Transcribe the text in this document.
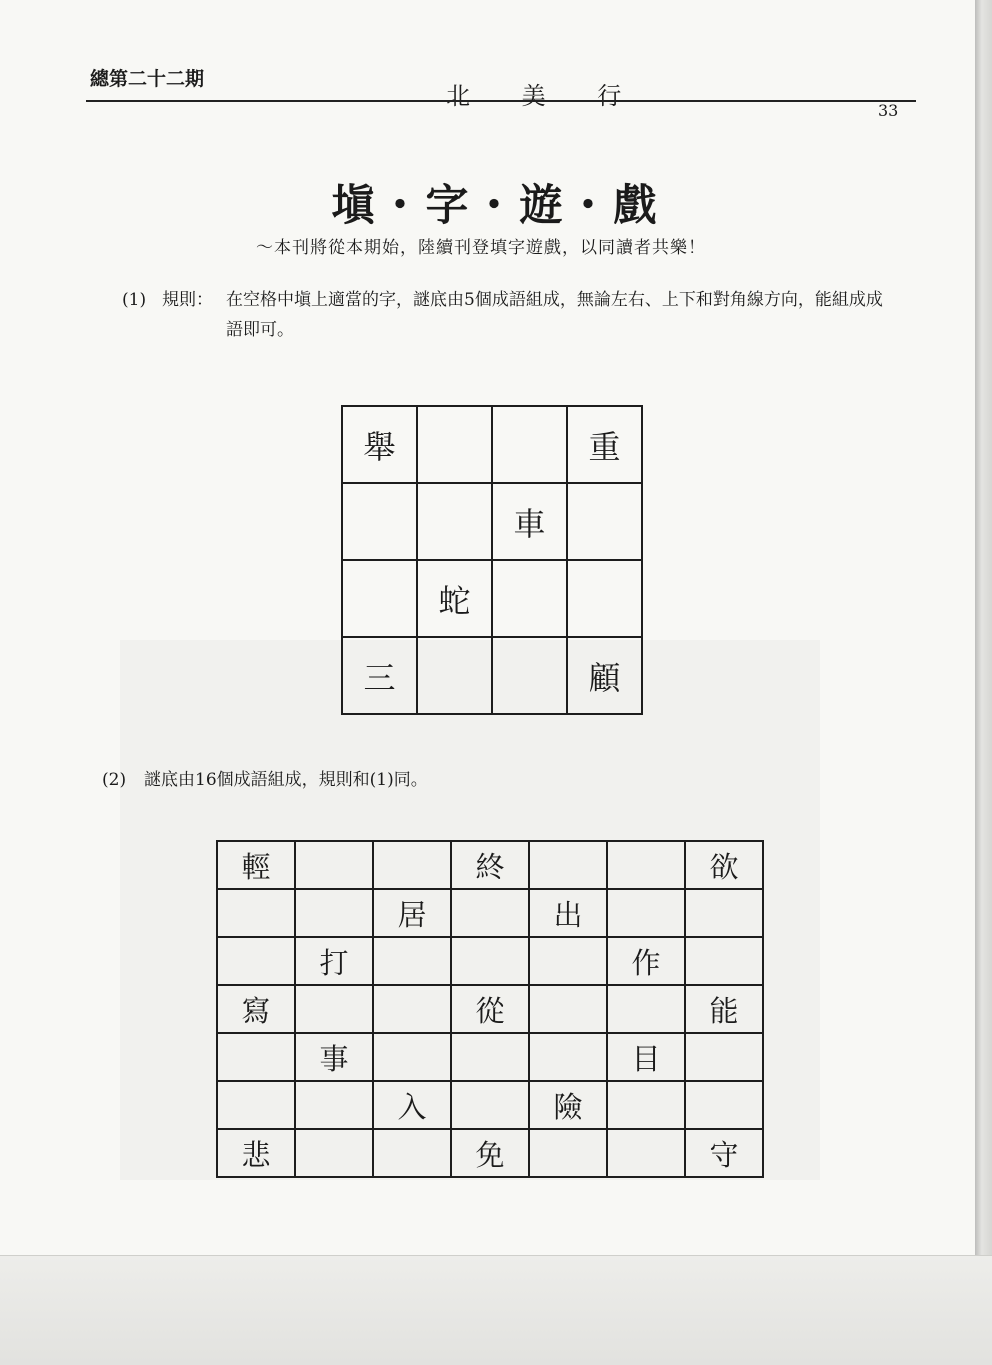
總第二十二期
北 美 行
33
塡・字・遊・戲
～本刊將從本期始，陸續刊登填字遊戲，以同讀者共樂！
(1) 規則： 在空格中塡上適當的字，謎底由5個成語組成，無論左右、上下和對角線方向，能組成成語即可。
舉			重
		車	
	蛇		
三			顧
(2) 謎底由16個成語組成，規則和(1)同。
輕			終			欲
		居		出		
	打				作	
寫			從			能
	事				目	
		入		險		
悲			免			守
